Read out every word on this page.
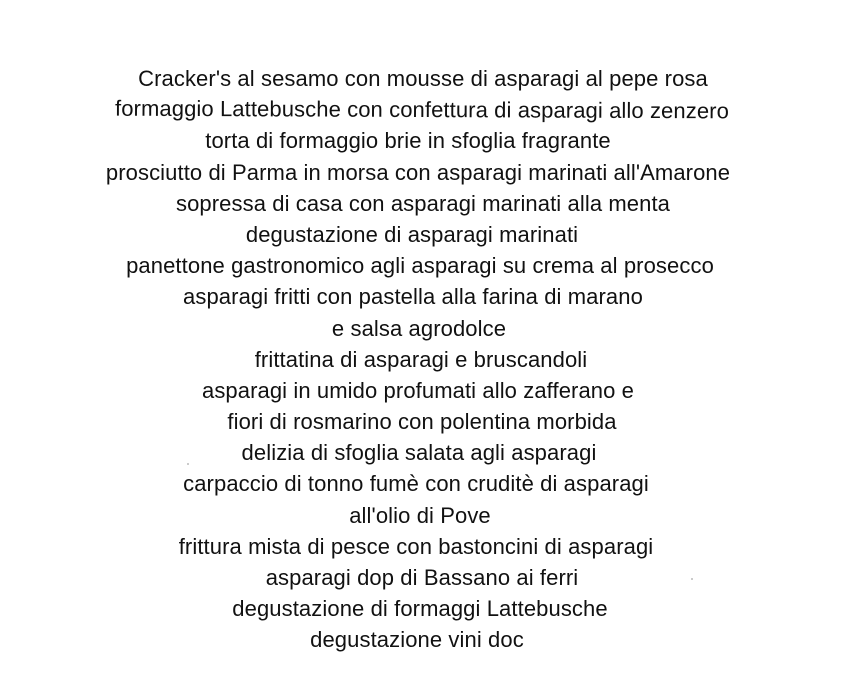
Cracker's al sesamo con mousse di asparagi al pepe rosa
formaggio Lattebusche con confettura di asparagi allo zenzero
torta di formaggio brie in sfoglia fragrante
prosciutto di Parma in morsa con asparagi marinati all'Amarone
sopressa di casa con asparagi marinati alla menta
degustazione di asparagi marinati
panettone gastronomico agli asparagi su crema al prosecco
asparagi fritti con pastella alla farina di marano
e salsa agrodolce
frittatina di asparagi e bruscandoli
asparagi in umido profumati allo zafferano e
fiori di rosmarino con polentina morbida
delizia di sfoglia salata agli asparagi
carpaccio di tonno fumè con cruditè di asparagi
all'olio di Pove
frittura mista di pesce con bastoncini di asparagi
asparagi dop di Bassano ai ferri
degustazione di formaggi Lattebusche
degustazione vini doc
